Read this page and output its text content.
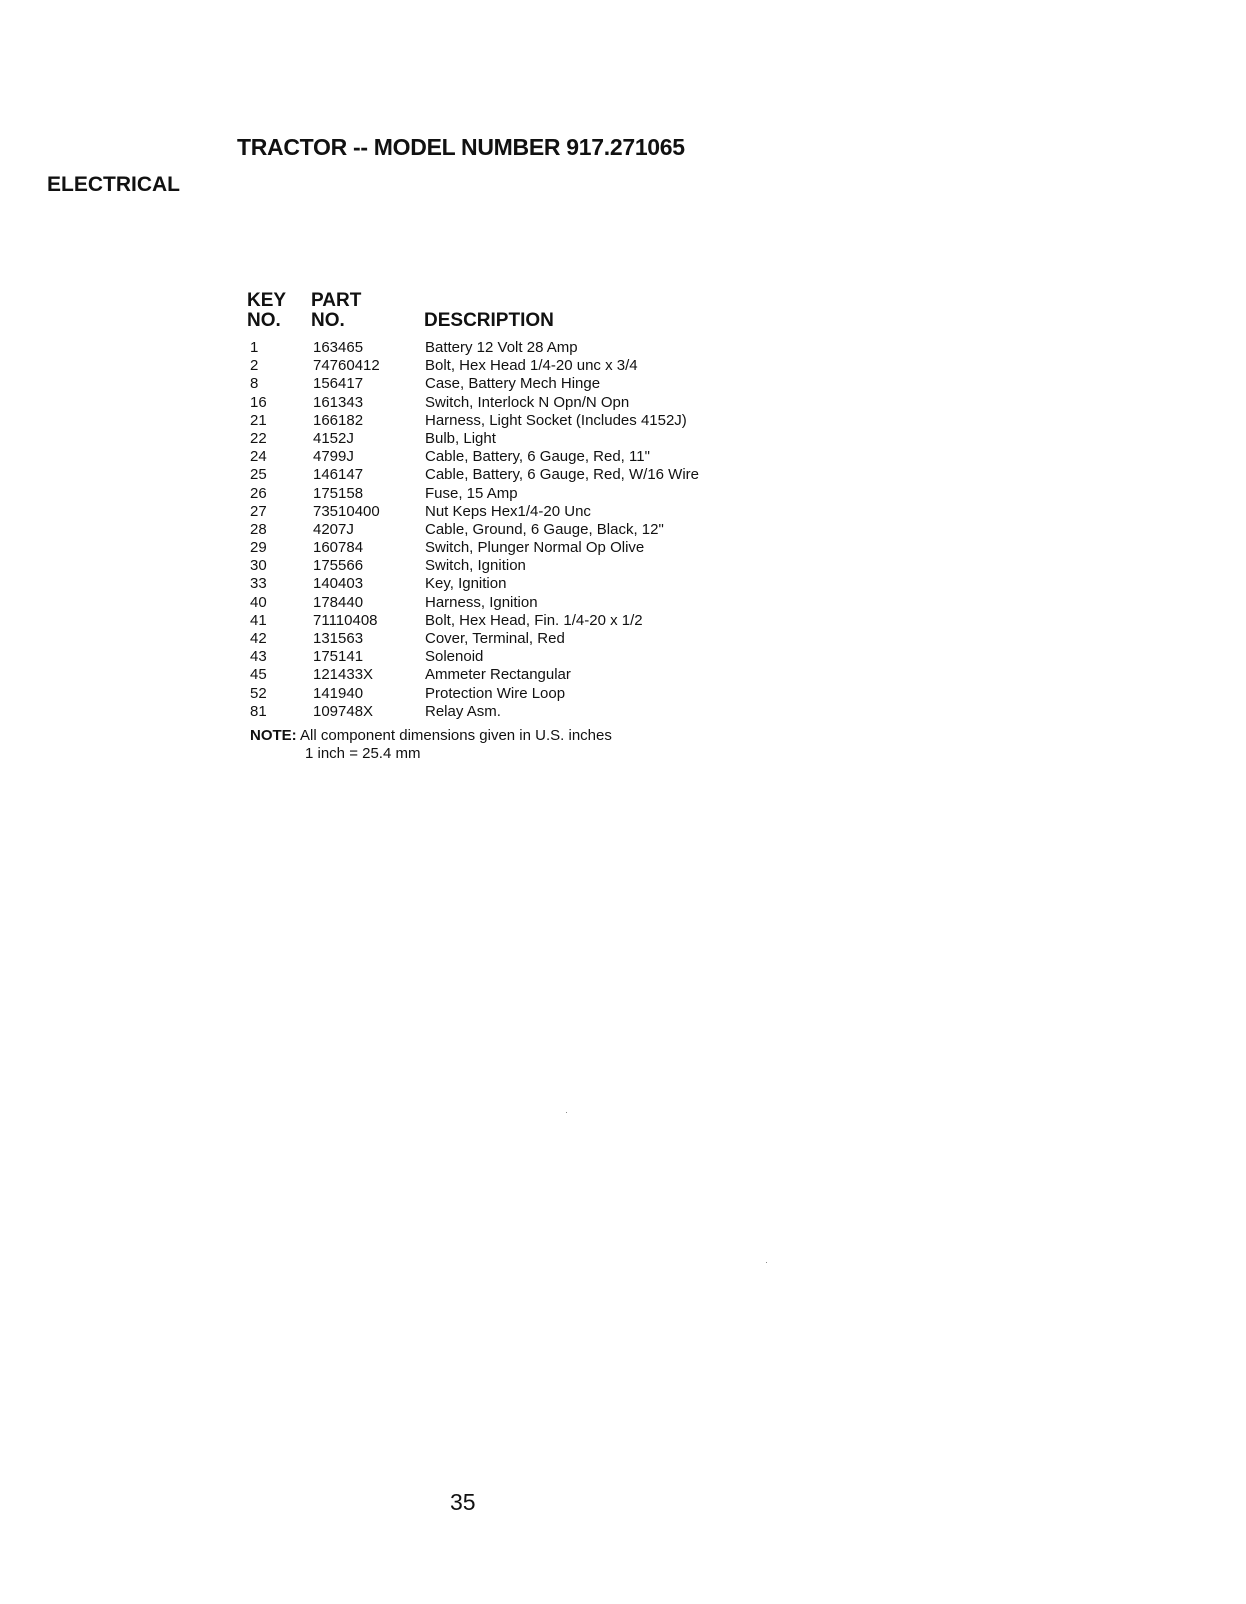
TRACTOR -- MODEL NUMBER 917.271065
ELECTRICAL
KEY
NO.
PART
NO.	DESCRIPTION
1	163465	Battery 12 Volt 28 Amp
2	74760412	Bolt, Hex Head 1/4-20 unc x 3/4
8	156417	Case, Battery Mech Hinge
16	161343	Switch, Interlock N Opn/N Opn
21	166182	Harness, Light Socket (Includes 4152J)
22	4152J	Bulb, Light
24	4799J	Cable, Battery, 6 Gauge, Red, 11"
25	146147	Cable, Battery, 6 Gauge, Red, W/16 Wire
26	175158	Fuse, 15 Amp
27	73510400	Nut Keps Hex1/4-20 Unc
28	4207J	Cable, Ground, 6 Gauge, Black, 12"
29	160784	Switch, Plunger Normal Op Olive
30	175566	Switch, Ignition
33	140403	Key, Ignition
40	178440	Harness, Ignition
41	71110408	Bolt, Hex Head, Fin. 1/4-20 x 1/2
42	131563	Cover, Terminal, Red
43	175141	Solenoid
45	121433X	Ammeter Rectangular
52	141940	Protection Wire Loop
81	109748X	Relay Asm.
NOTE: All component dimensions given in U.S. inches
1 inch = 25.4 mm
35
